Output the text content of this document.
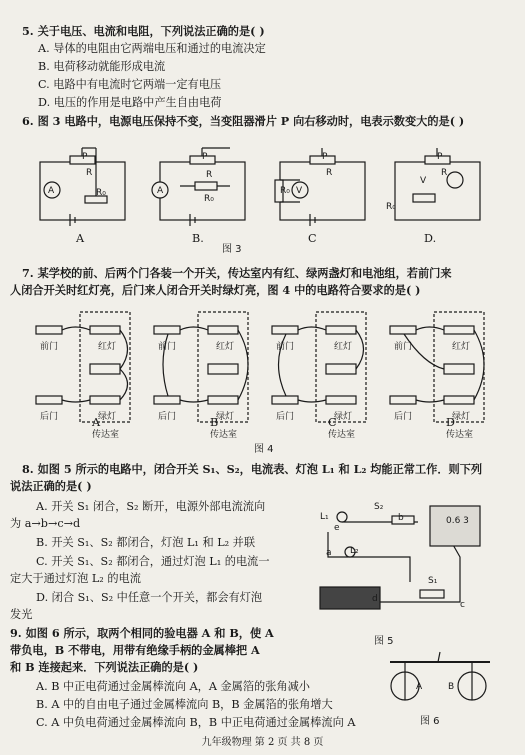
5. 关于电压、电流和电阻，下列说法正确的是( )
A. 导体的电阻由它两端电压和通过的电流决定
B. 电荷移动就能形成电流
C. 电路中有电流时它两端一定有电压
D. 电压的作用是电路中产生自由电荷
6. 图 3 电路中，电源电压保持不变，当变阻器滑片 P 向右移动时，电表示数变大的是( )
P
R
A	R₀
P
R
A
R₀
P
R
R₀ V
P
R
V
R₀
A	B.	C	D.
图 3
7. 某学校的前、后两个门各装一个开关，传达室内有红、绿两盏灯和电池组，若前门来
人闭合开关时红灯亮，后门来人闭合开关时绿灯亮，图 4 中的电路符合要求的是( )
前门	红灯
后门	绿灯
传达室
前门	红灯
后门	绿灯
传达室
前门	红灯
后门	绿灯
传达室
前门	红灯
后门	绿灯
传达室
A	B	C	D
图 4
8. 如图 5 所示的电路中，闭合开关 S₁、S₂，电流表、灯泡 L₁ 和 L₂ 均能正常工作．则下列
说法正确的是( )
A. 开关 S₁ 闭合，S₂ 断开，电源外部电流流向
为 a→b→c→d
B. 开关 S₁、S₂ 都闭合，灯泡 L₁ 和 L₂ 并联
C. 开关 S₁、S₂ 都闭合，通过灯泡 L₁ 的电流一
定大于通过灯泡 L₂ 的电流
D. 闭合 S₁、S₂ 中任意一个开关，都会有灯泡
发光
L₁
e
S₂
b	0.6 3
a L₂
S₁
d
c
图 5
9. 如图 6 所示，取两个相同的验电器 A 和 B，使 A
带负电，B 不带电，用带有绝缘手柄的金属棒把 A
和 B 连接起来．下列说法正确的是( )
A. B 中正电荷通过金属棒流向 A，A 金属箔的张角减小
B. A 中的自由电子通过金属棒流向 B，B 金属箔的张角增大
C. A 中负电荷通过金属棒流向 B，B 中正电荷通过金属棒流向 A
A	B
图 6
九年级物理 第 2 页 共 8 页
